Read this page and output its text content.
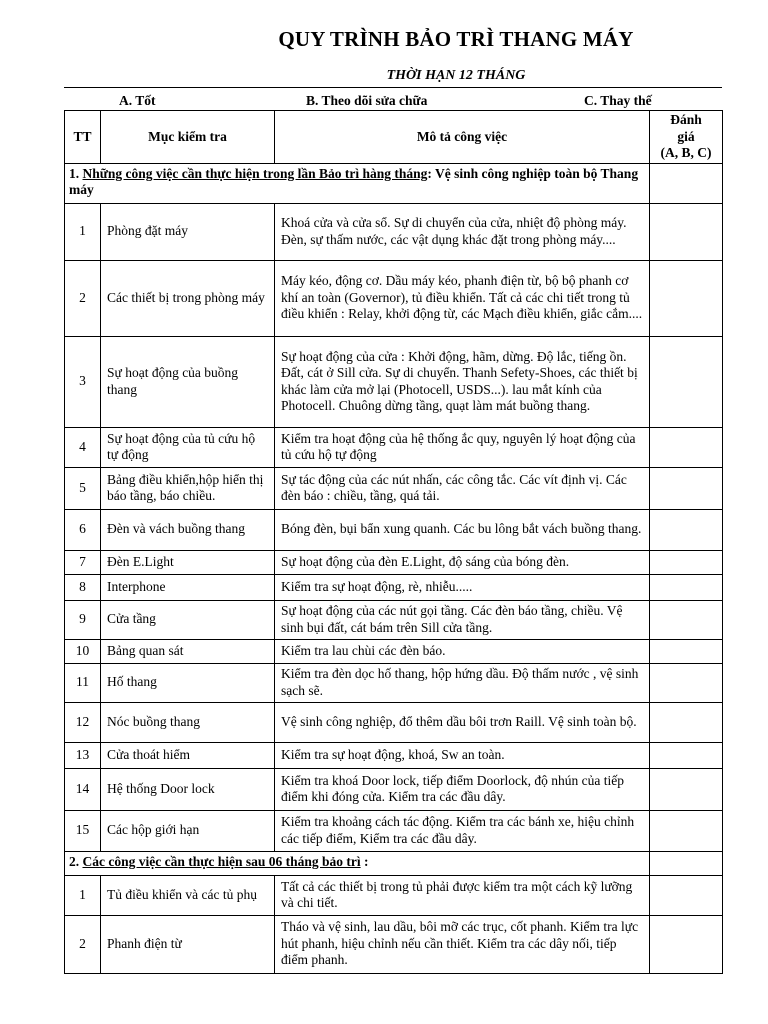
QUY TRÌNH BẢO TRÌ THANG MÁY
THỜI HẠN 12 THÁNG
A. Tốt	B. Theo dõi sửa chữa	C. Thay thế
TT	Mục kiểm tra	Mô tả công việc	Đánh
giá
(A, B, C)
1. Những công việc cần thực hiện trong lần Bảo trì hàng tháng: Vệ sinh công nghiệp toàn bộ Thang máy			
1	Phòng đặt máy	Khoá cửa và cửa sổ. Sự di chuyển của cửa, nhiệt độ phòng máy. Đèn, sự thấm nước, các vật dụng khác đặt trong phòng máy....	
2	Các thiết bị trong phòng máy	Máy kéo, động cơ. Dầu máy kéo, phanh điện từ, bộ bộ phanh cơ khí an toàn (Governor), tủ điều khiển. Tất cả các chi tiết trong tủ điều khiển : Relay, khởi động từ, các Mạch điều khiển, giắc cắm....	
3	Sự hoạt động của buồng thang	Sự hoạt động của cửa : Khởi động, hãm, dừng. Độ lắc, tiếng ồn. Đất, cát ở Sill cửa. Sự di chuyển. Thanh Sefety-Shoes, các thiết bị khác làm cửa mở lại (Photocell, USDS...). lau mắt kính của Photocell. Chuông dừng tầng, quạt làm mát buồng thang.	
4	Sự hoạt động của tủ cứu hộ tự động	Kiểm tra hoạt động của hệ thống ắc quy, nguyên lý hoạt động của tủ cứu hộ tự động	
5	Bảng điều khiển,hộp hiển thị báo tầng, báo chiều.	Sự tác động của các nút nhấn, các công tắc. Các vít định vị. Các đèn báo : chiều, tầng, quá tải.	
6	Đèn và vách buồng thang	Bóng đèn, bụi bẩn xung quanh. Các bu lông bắt vách buồng thang.	
7	Đèn E.Light	Sự hoạt động của đèn E.Light, độ sáng của bóng đèn.	
8	Interphone	Kiểm tra sự hoạt động, rè, nhiễu.....	
9	Cửa tầng	Sự hoạt động của các nút gọi tầng. Các đèn báo tầng, chiều. Vệ sinh bụi đất, cát bám trên Sill cửa tầng.	
10	Bảng quan sát	Kiểm tra lau chùi các đèn báo.	
11	Hố thang	Kiểm tra đèn dọc hố thang, hộp hứng dầu. Độ thấm nước , vệ sinh sạch sẽ.	
12	Nóc buồng thang	Vệ sinh công nghiệp, đổ thêm dầu bôi trơn Raill. Vệ sinh toàn bộ.	
13	Cửa thoát hiểm	Kiểm tra sự hoạt động, khoá, Sw an toàn.	
14	Hệ thống Door lock	Kiểm tra khoá Door lock, tiếp điểm Doorlock, độ nhún của tiếp điểm khi đóng cửa. Kiểm tra các đầu dây.	
15	Các hộp giới hạn	Kiểm tra khoảng cách tác động. Kiểm tra các bánh xe, hiệu chỉnh các tiếp điểm, Kiểm tra các đầu dây.	
2. Các công việc cần thực hiện sau 06 tháng bảo trì :			
1	Tủ điều khiển và các tủ phụ	Tất cả các thiết bị trong tủ phải được kiểm tra một cách kỹ lưỡng và chi tiết.	
2	Phanh điện từ	Tháo và vệ sinh, lau dầu, bôi mỡ các trục, cốt phanh. Kiểm tra lực hút phanh, hiệu chỉnh nếu cần thiết. Kiểm tra các dây nối, tiếp điểm phanh.	
